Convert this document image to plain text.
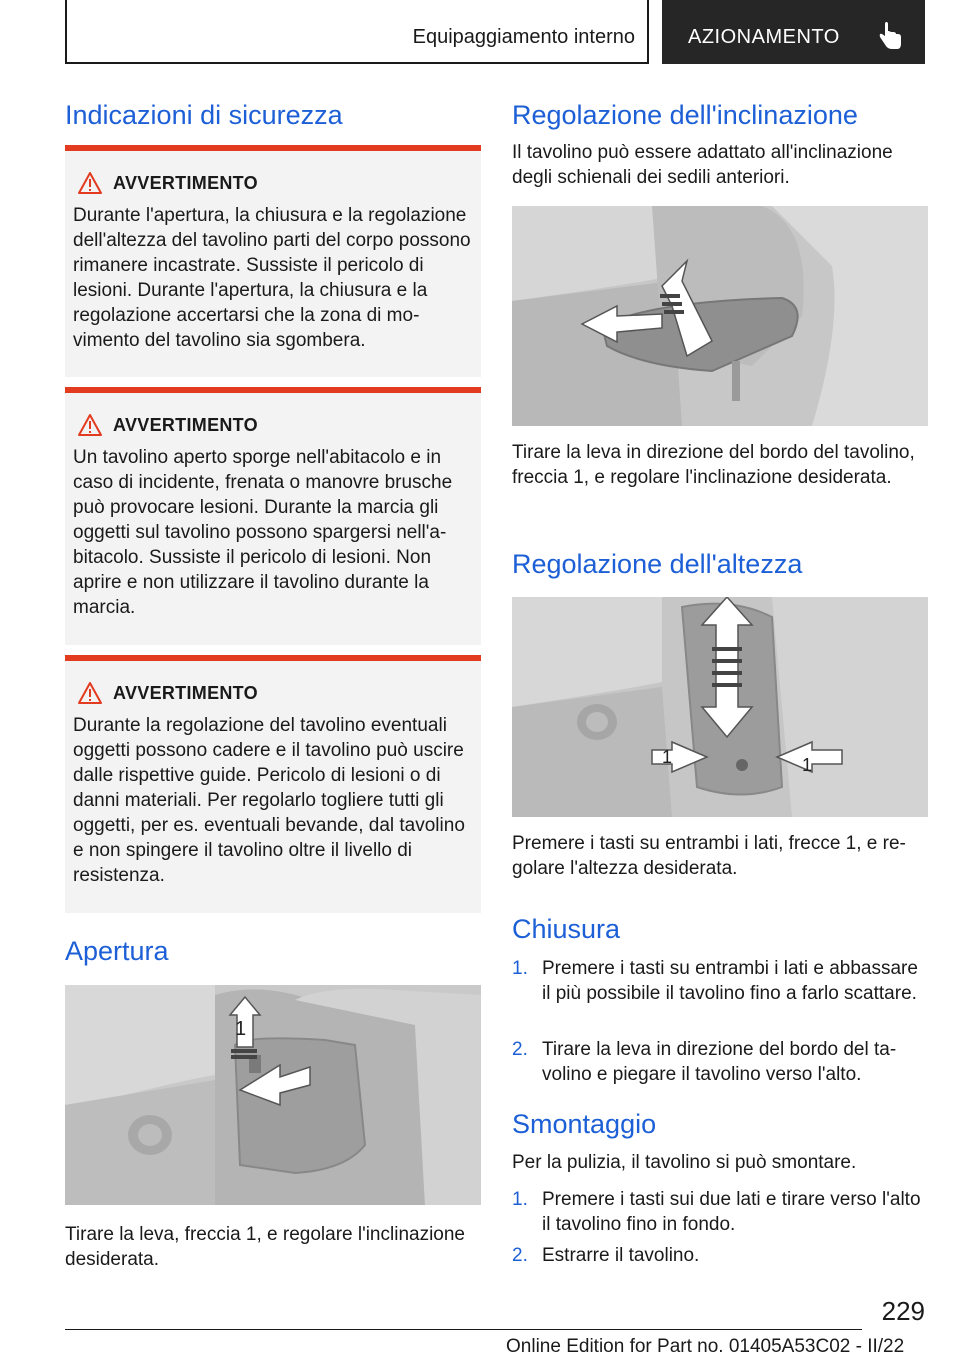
Equipaggiamento interno	AZIONAMENTO
Indicazioni di sicurezza
AVVERTIMENTO
Durante l'apertura, la chiusura e la regolazione dell'altezza del tavolino parti del corpo possono rimanere incastrate. Sussiste il pericolo di lesioni. Durante l'apertura, la chiusura e la regolazione accertarsi che la zona di movimento del tavolino sia sgombera.
AVVERTIMENTO
Un tavolino aperto sporge nell'abitacolo e in caso di incidente, frenata o manovre brusche può provocare lesioni. Durante la marcia gli oggetti sul tavolino possono spargersi nell'abitacolo. Sussiste il pericolo di lesioni. Non aprire e non utilizzare il tavolino durante la marcia.
AVVERTIMENTO
Durante la regolazione del tavolino eventuali oggetti possono cadere e il tavolino può uscire dalle rispettive guide. Pericolo di lesioni o di danni materiali. Per regolarlo togliere tutti gli oggetti, per es. eventuali bevande, dal tavolino e non spingere il tavolino oltre il livello di resistenza.
Apertura
1

Tirare la leva, freccia 1, e regolare l'inclinazione desiderata.

Regolazione dell'inclinazione

Il tavolino può essere adattato all'inclinazione degli schienali dei sedili anteriori.

Tirare la leva in direzione del bordo del tavolino, freccia 1, e regolare l'inclinazione desiderata.

Regolazione dell'altezza
1	1

Premere i tasti su entrambi i lati, frecce 1, e regolare l'altezza desiderata.

Chiusura
1. Premere i tasti su entrambi i lati e abbassare il più possibile il tavolino fino a farlo scattare.
2. Tirare la leva in direzione del bordo del tavolino e piegare il tavolino verso l'alto.
Smontaggio

Per la pulizia, il tavolino si può smontare.

1. Premere i tasti sui due lati e tirare verso l'alto il tavolino fino in fondo.
2. Estrarre il tavolino.
229
Online Edition for Part no. 01405A53C02 - II/22
